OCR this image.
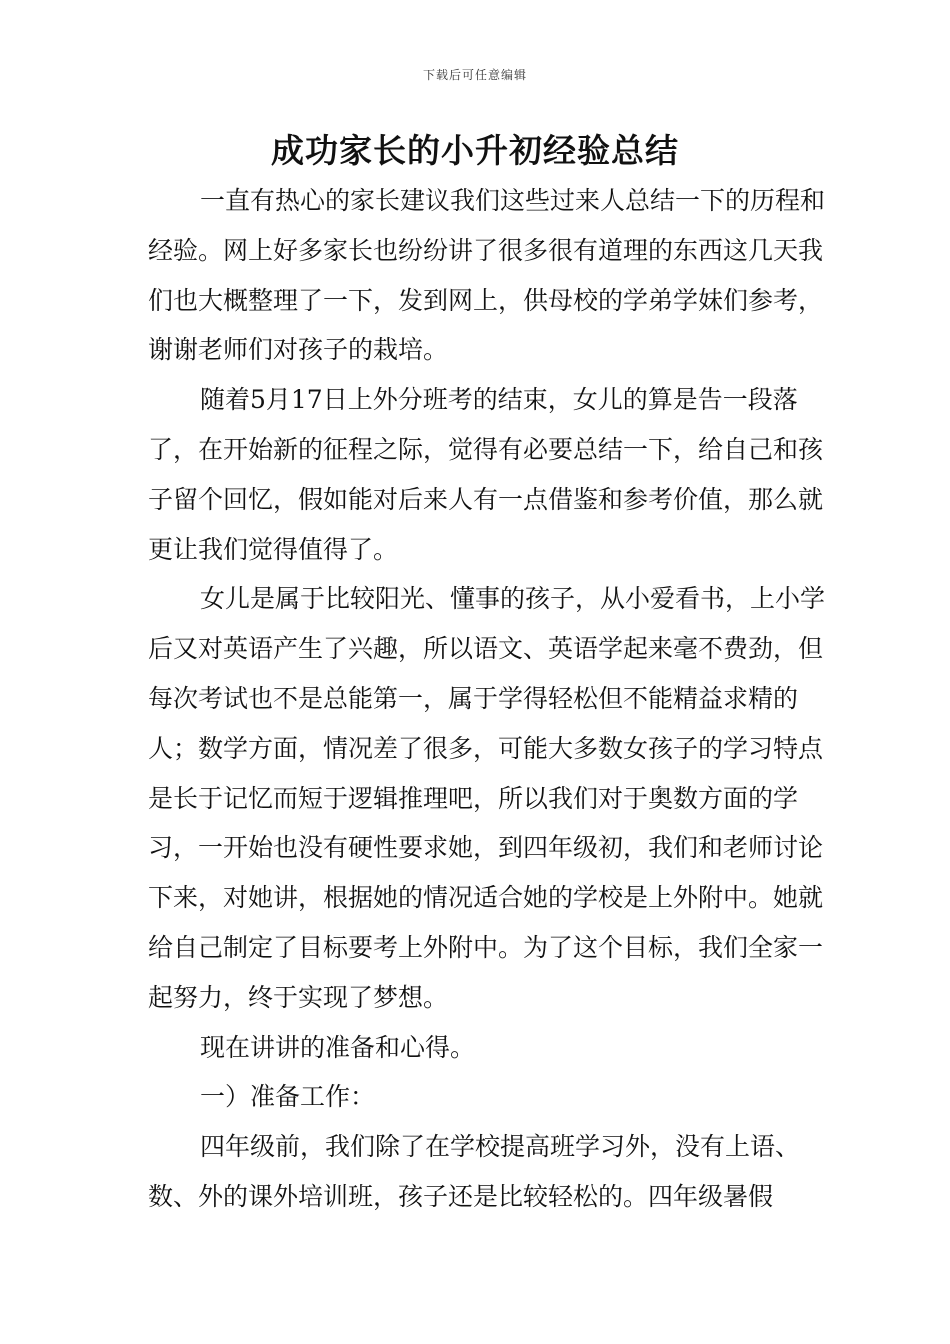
下载后可任意编辑
成功家长的小升初经验总结

一直有热心的家长建议我们这些过来人总结一下的历程和经验。网上好多家长也纷纷讲了很多很有道理的东西这几天我们也大概整理了一下，发到网上，供母校的学弟学妹们参考，谢谢老师们对孩子的栽培。

随着5月17日上外分班考的结束，女儿的算是告一段落了，在开始新的征程之际，觉得有必要总结一下，给自己和孩子留个回忆，假如能对后来人有一点借鉴和参考价值，那么就更让我们觉得值得了。

女儿是属于比较阳光、懂事的孩子，从小爱看书，上小学后又对英语产生了兴趣，所以语文、英语学起来毫不费劲，但每次考试也不是总能第一，属于学得轻松但不能精益求精的人；数学方面，情况差了很多，可能大多数女孩子的学习特点是长于记忆而短于逻辑推理吧，所以我们对于奥数方面的学习，一开始也没有硬性要求她，到四年级初，我们和老师讨论下来，对她讲，根据她的情况适合她的学校是上外附中。她就给自己制定了目标要考上外附中。为了这个目标，我们全家一起努力，终于实现了梦想。

现在讲讲的准备和心得。

一）准备工作：

四年级前，我们除了在学校提高班学习外，没有上语、数、外的课外培训班，孩子还是比较轻松的。四年级暑假
